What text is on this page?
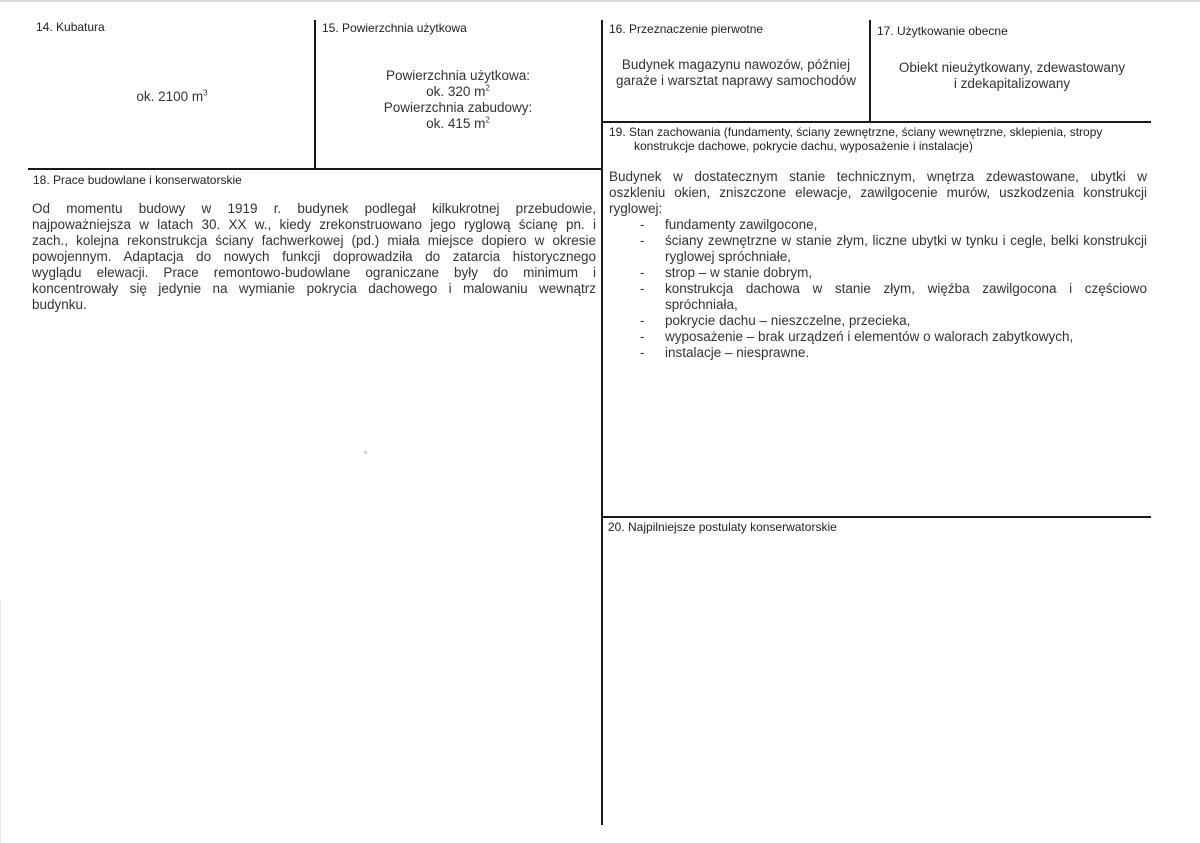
14. Kubatura
ok. 2100 $m^3$
15. Powierzchnia użytkowa
Powierzchnia użytkowa:
ok. 320 $m^2$
Powierzchnia zabudowy:
ok. 415 $m^2$
16. Przeznaczenie pierwotne
Budynek magazynu nawozów, później
garaże i warsztat naprawy samochodów
17. Użytkowanie obecne
Obiekt nieużytkowany, zdewastowany
i zdekapitalizowany
18. Prace budowlane i konserwatorskie
Od momentu budowy w 1919 r. budynek podlegał kilkukrotnej przebudowie,
najpoważniejsza w latach 30. XX w., kiedy zrekonstruowano jego ryglową ścianę pn. i
zach., kolejna rekonstrukcja ściany fachwerkowej (pd.) miała miejsce dopiero w okresie
powojennym. Adaptacja do nowych funkcji doprowadziła do zatarcia historycznego
wyglądu elewacji. Prace remontowo-budowlane ograniczane były do minimum i
koncentrowały się jedynie na wymianie pokrycia dachowego i malowaniu wewnątrz
budynku.
19. Stan zachowania (fundamenty, ściany zewnętrzne, ściany wewnętrzne, sklepienia, stropy
konstrukcje dachowe, pokrycie dachu, wyposażenie i instalacje)
Budynek w dostatecznym stanie technicznym, wnętrza zdewastowane, ubytki w
oszkleniu okien, zniszczone elewacje, zawilgocenie murów, uszkodzenia konstrukcji
ryglowej:
- fundamenty zawilgocone,
- ściany zewnętrzne w stanie złym, liczne ubytki w tynku i cegle, belki konstrukcji ryglowej spróchniałe,
- strop – w stanie dobrym,
- konstrukcja dachowa w stanie złym, więźba zawilgocona i częściowo spróchniała,
- pokrycie dachu – nieszczelne, przecieka,
- wyposażenie – brak urządzeń i elementów o walorach zabytkowych,
- instalacje – niesprawne.
20. Najpilniejsze postulaty konserwatorskie
